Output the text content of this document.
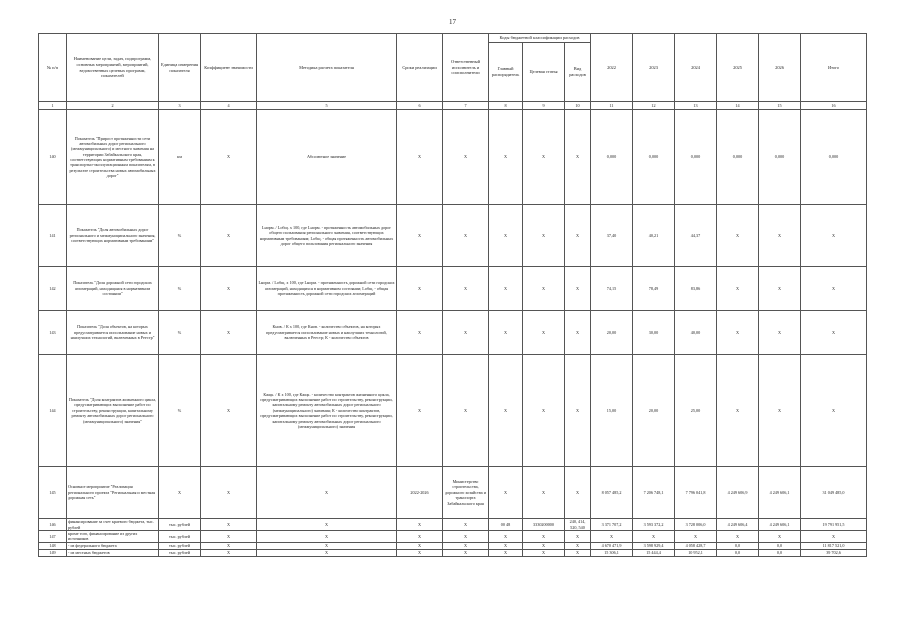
17
№ п/п	Наименование цели, задач, подпрограмм, основных мероприятий, мероприятий, ведомственных целевых программ, показателей	Единица измерения показателя	Коэффициент значимости	Методика расчета показателя	Сроки реализации	Ответственный исполнитель и соисполнители	Коды бюджетной классификации расходов			2022	2023	2024	2025	2026	Итого
							Главный распорядитель	Целевая статья	Вид расходов						
1	2	3	4	5	6	7	8	9	10	11	12	13	14	15	16
140	Показатель "Прирост протяженности сети автомобильных дорог регионального (межмуниципального) и местного значения на территории Забайкальского края, соответствующих нормативным требованиям к транспортно-эксплуатационным показателям, в результате строительства новых автомобильных дорог"	км	X	Абсолютное значение	X	X	X	X	X	0,000	0,000	0,000	0,000	0,000	0,000
141	Показатель "Доля автомобильных дорог регионального и межмуниципального значения, соответствующих нормативным требованиям"	%	X	Lнорм. / Lобщ. х 100, где Lнорм. - протяженность автомобильных дорог общего пользования регионального значения, соответствующих нормативным требованиям; Lобщ. - общая протяженность автомобильных дорог общего пользования регионального значения	X	X	X	X	X	37,40	40,21	44,37	X	X	X
142	Показатель "Доля дорожной сети городских агломераций, находящаяся в нормативном состоянии"	%	X	Lнорм. / Lобщ. х 100, где Lнорм. - протяженность дорожной сети городских агломераций, находящихся в нормативном состоянии; Lобщ. - общая протяженность дорожной сети городских агломераций	X	X	X	X	X	74,15	78,49	83,86	X	X	X
143	Показатель "Доля объектов, на которых предусматривается использование новых и наилучших технологий, включенных в Реестр"	%	X	Кнов. / К х 100, где Кнов. - количество объектов, на которых предусматривается использование новых и наилучших технологий, включенных в Реестр; К - количество объектов	X	X	X	X	X	20,00	30,00	40,00	X	X	X
144	Показатель "Доля контрактов жизненного цикла, предусматривающих выполнение работ по строительству, реконструкции, капитальному ремонту автомобильных дорог регионального (межмуниципального) значения"	%	X	Кжцк. / К х 100, где Кжцк. - количество контрактов жизненного цикла, предусматривающих выполнение работ по строительству, реконструкции, капитальному ремонту автомобильных дорог регионального (межмуниципального) значения; К - количество контрактов, предусматривающих выполнение работ по строительству, реконструкции, капитальному ремонту автомобильных дорог регионального (межмуниципального) значения	X	X	X	X	X	15,00	20,00	25,00	X	X	X
145	Основное мероприятие "Реализация регионального проекта "Региональная и местная дорожная сеть"	X	X	X	2022-2026	Министерство строительства, дорожного хозяйства и транспорта Забайкальского края	X	X	X	8 057 485,2	7 206 748,1	7 796 041,8	4 249 606,9	4 249 606,1	31 049 485,0
146	финансирование за счет краевого бюджета, тыс. рублей	тыс. рублей	X	X	X	X	00 48	3330200000	240, 414, 520, 540	3 371 707,2	3 593 372,2	3 728 006,0	4 249 606,4	4 249 606,1	19 791 951,5
147	кроме того, финансирование из других источников	тыс. рублей	X	X	X	X	X	X	X	X	X	X	X	X	X
148	- из федерального бюджета	тыс. рублей	X	X	X	X	X	X	X	4 670 471,9	3 598 929,4	4 058 428,7	0,0	0,0	11 817 521,0
149	- из местных бюджетов	тыс. рублей	X	X	X	X	X	X	X	15 306,1	15 444,4	10 952,1	0,0	0,0	39 702,6
